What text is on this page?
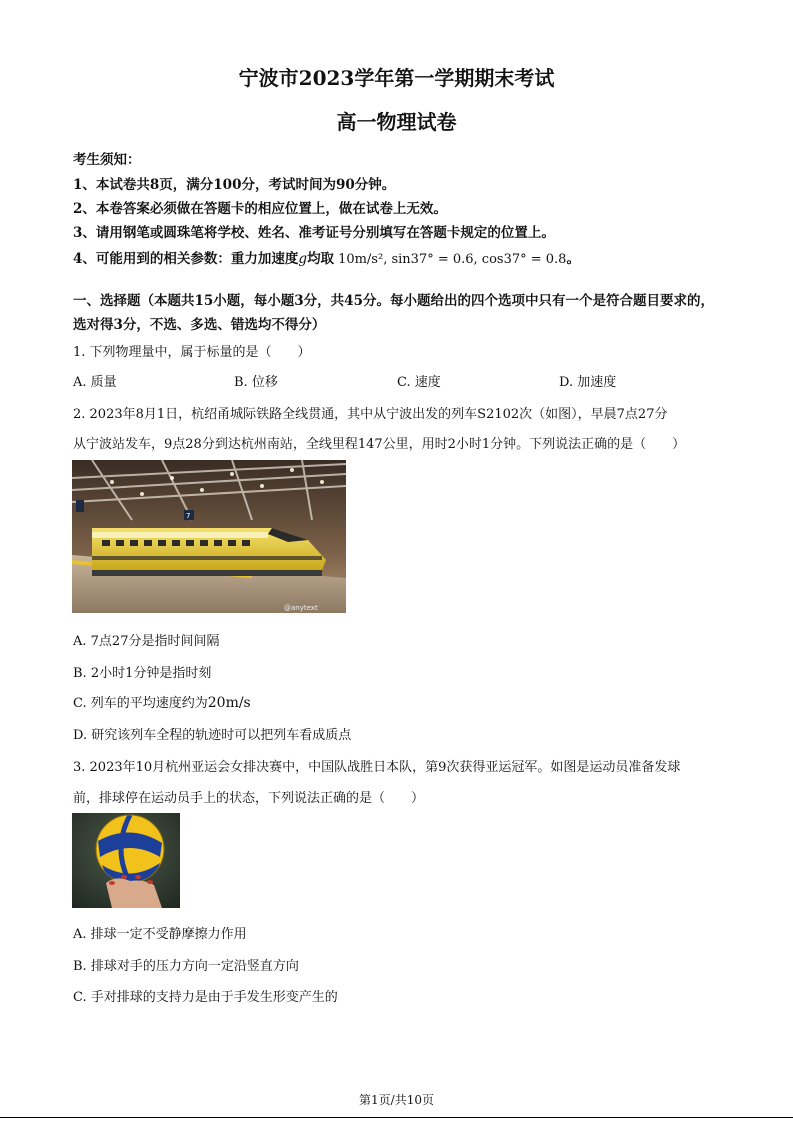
宁波市2023学年第一学期期末考试
高一物理试卷
考生须知：
1、本试卷共8页，满分100分，考试时间为90分钟。
2、本卷答案必须做在答题卡的相应位置上，做在试卷上无效。
3、请用钢笔或圆珠笔将学校、姓名、准考证号分别填写在答题卡规定的位置上。
4、可能用到的相关参数：重力加速度g均取 10m/s², sin37° = 0.6, cos37° = 0.8。
一、选择题（本题共15小题，每小题3分，共45分。每小题给出的四个选项中只有一个是符合题目要求的，
选对得3分，不选、多选、错选均不得分）
1. 下列物理量中，属于标量的是（　　）
A. 质量	B. 位移	C. 速度	D. 加速度
2. 2023年8月1日，杭绍甬城际铁路全线贯通，其中从宁波出发的列车S2102次（如图），早晨7点27分
从宁波站发车，9点28分到达杭州南站，全线里程147公里，用时2小时1分钟。下列说法正确的是（　　）
7
@anytext
A. 7点27分是指时间间隔
B. 2小时1分钟是指时刻
C. 列车的平均速度约为20m/s
D. 研究该列车全程的轨迹时可以把列车看成质点
3. 2023年10月杭州亚运会女排决赛中，中国队战胜日本队，第9次获得亚运冠军。如图是运动员准备发球
前，排球停在运动员手上的状态，下列说法正确的是（　　）
A. 排球一定不受静摩擦力作用
B. 排球对手的压力方向一定沿竖直方向
C. 手对排球的支持力是由于手发生形变产生的
第1页/共10页
